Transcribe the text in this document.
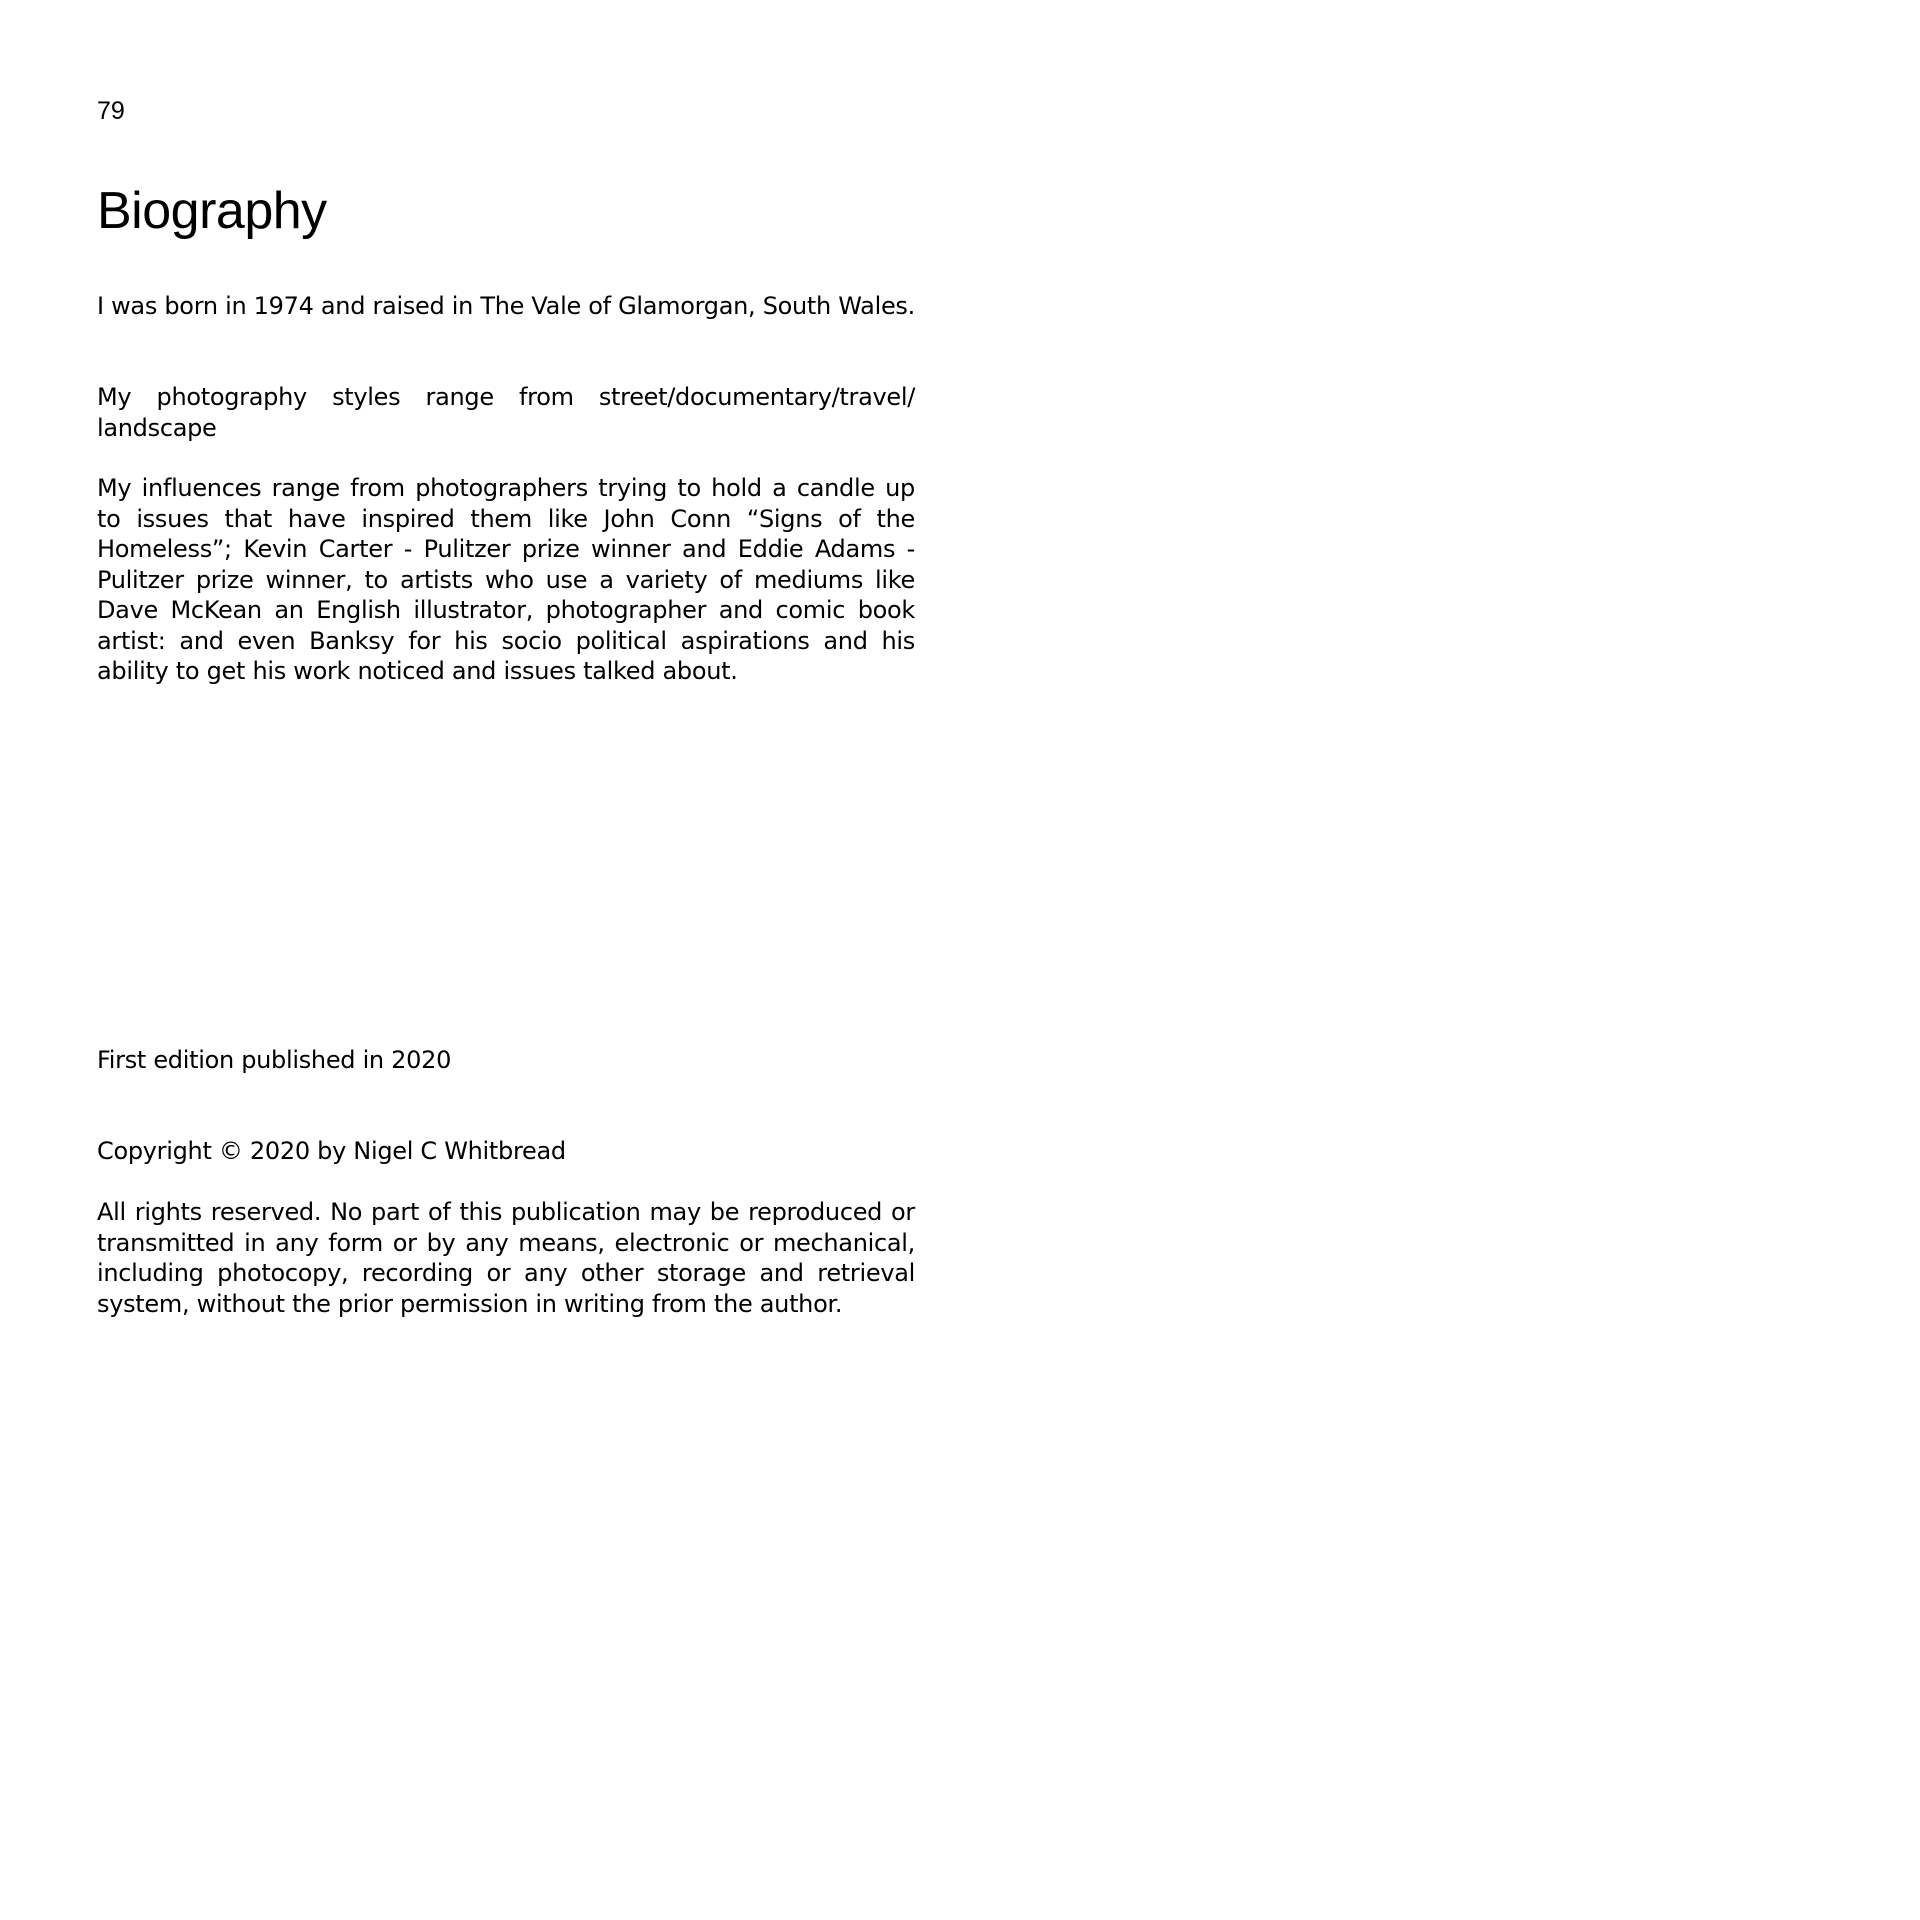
79
Biography

I was born in 1974 and raised in The Vale of Glamorgan, South Wales.

My photography styles range from street/documentary/travel/ landscape

My influences range from photographers trying to hold a candle up to issues that have inspired them like John Conn “Signs of the Homeless”; Kevin Carter - Pulitzer prize winner and Eddie Adams - Pulitzer prize winner, to artists who use a variety of mediums like Dave McKean an English illustrator, photographer and comic book artist: and even Banksy for his socio political aspirations and his ability to get his work noticed and issues talked about.

First edition published in 2020

Copyright © 2020 by Nigel C Whitbread

All rights reserved. No part of this publication may be reproduced or transmitted in any form or by any means, electronic or mechanical, including photocopy, recording or any other storage and retrieval system, without the prior permission in writing from the author.
